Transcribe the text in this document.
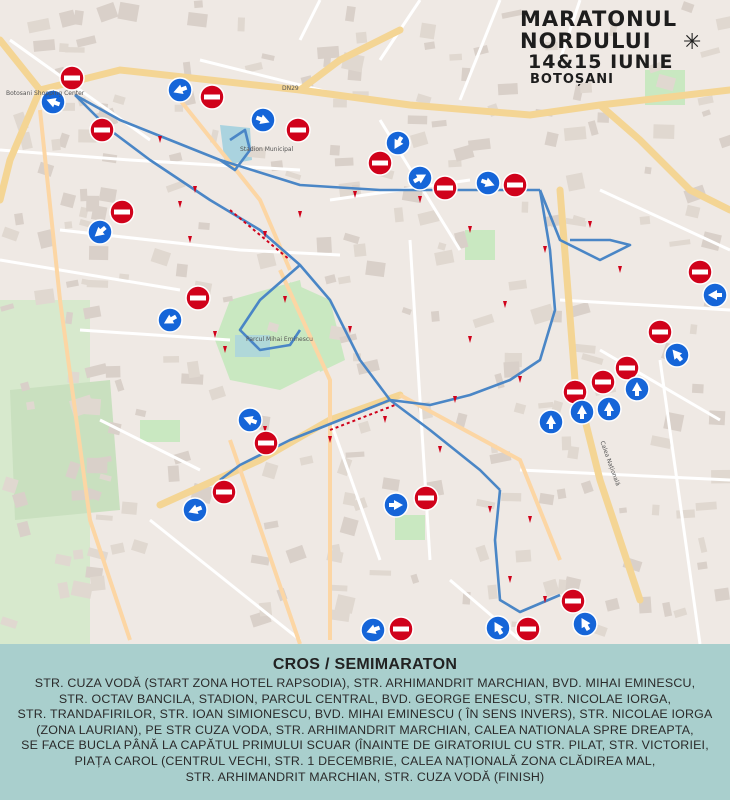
Botosani Shopping Center
Parcul Mihai Eminescu
Stadion Municipal
DN29
Calea Națională
MARATONUL
NORDULUI	✳
14&15 IUNIE
BOTOȘANI
CROS / SEMIMARATON
STR. CUZA VODĂ (START ZONA HOTEL RAPSODIA), STR. ARHIMANDRIT MARCHIAN, BVD. MIHAI EMINESCU,
STR. OCTAV BANCILA, STADION, PARCUL CENTRAL, BVD. GEORGE ENESCU, STR. NICOLAE IORGA,
STR. TRANDAFIRILOR, STR. IOAN SIMIONESCU, BVD. MIHAI EMINESCU ( ÎN SENS INVERS), STR. NICOLAE IORGA
(ZONA LAURIAN), PE STR CUZA VODA, STR. ARHIMANDRIT MARCHIAN, CALEA NATIONALA SPRE DREAPTA,
SE FACE BUCLA PÂNĂ LA CAPĂTUL PRIMULUI SCUAR (ÎNAINTE DE GIRATORIUL CU STR. PILAT, STR. VICTORIEI,
PIAȚA CAROL (CENTRUL VECHI, STR. 1 DECEMBRIE, CALEA NAȚIONALĂ ZONA CLĂDIREA MAL,
STR. ARHIMANDRIT MARCHIAN, STR. CUZA VODĂ (FINISH)
